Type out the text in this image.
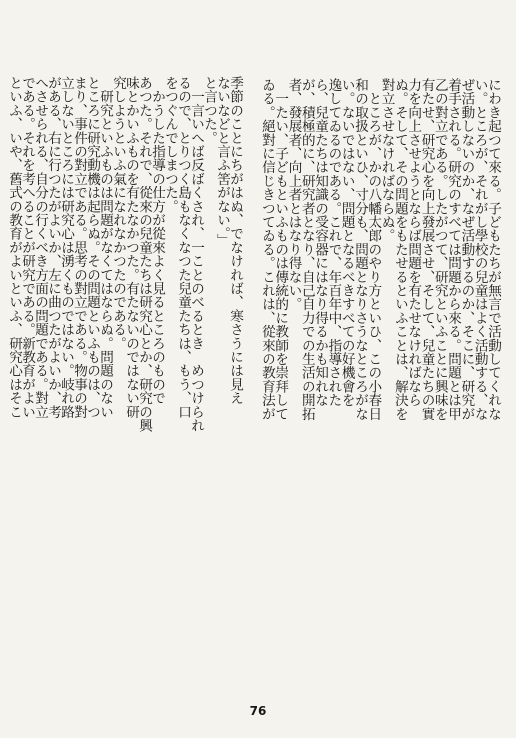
にわき起つて來る。子どもたちが無言で活動してくれな
い。ところが、それがし學校の兒童はよく活動する、な
ぜ活動しないのか、なぜ活動するのか、そこに、研究が
着手される。研究のすべては問題から來る。問題とは甲
乙の對立である。したがつて、研究といふことに興味を
有たせ、研究心を向上發展させ、そして、兒童たちの實
力を向上させようとならば問題を有たせなければなら
ぬ。そして、その問題をもたせるといふことは、解決を
對立させなければならぬ。
　ところが、かの八幡太郎のやり方といひ、この小春日
和の取扱といひ、寸分も、問題となりさうなところがな
い。ないではない、問題となるべきすべての好機會を
逸してゐるのである。これで、年百年中、指導された
ら、兒童たちは知識の受容器にはなり得るかも知れな
が、積極的に、研究者となり、自己自力での生活の開拓
者、發展者、向上者とはなり得ない。
　一たい、子どもといふものは傳統的に教師を崇拜して
ゐる。絕對に信じきつてゐる。これは、從來の教育法が
季節のことにちがはぬ、でなければ、寒さうには見え
ないなどと言ふ筈がない。」
と言つた。
　一言いへば反ばくされ、一ことのべるとき　めつけられ
るので、とりつく島もなくなつた兒童たちは、もう、口
をつぐんでしまつた。
　かうした指導の仕方が從來よく見るところのもので
あつた。それで、從來の兒童たちは研究心とか、研究の興
味とかいふものを有たなかつた。有たないのではない研
究しようといふ氣になれなかつたのである。
　研究といふものは問題がなくてはならぬ。問題のない
ところに研究動機は起らぬ。その問題といふものは、つ
まり、事件の對立である。思考の對立である。物事の對
立しないところには研究心は湧くものではない。岐れ路
がある、右に行つたがよいか、左に曲つたがよいか、考
へさせられる、自分の行くべき方面の問題である。對立
である。それを考へることが研究である。新教育がよい
といふ、いや、舊式の教育がよいといふ、研究心はそこ
76
